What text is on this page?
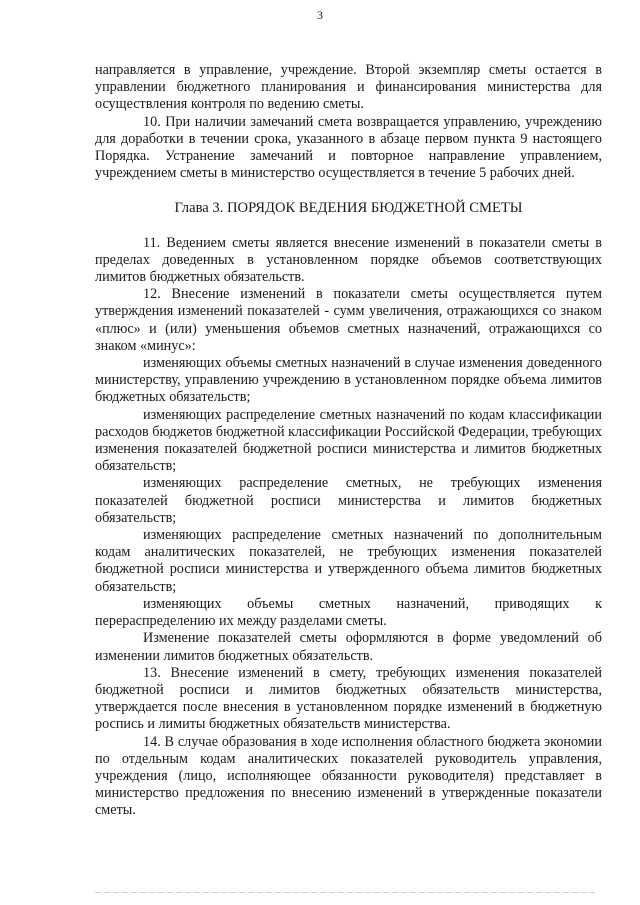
3

направляется в управление, учреждение. Второй экземпляр сметы остается в управлении бюджетного планирования и финансирования министерства для осуществления контроля по ведению сметы.

10. При наличии замечаний смета возвращается управлению, учреждению для доработки в течении срока, указанного в абзаце первом пункта 9 настоящего Порядка. Устранение замечаний и повторное направление управлением, учреждением сметы в министерство осуществляется в течение 5 рабочих дней.

Глава 3. ПОРЯДОК ВЕДЕНИЯ БЮДЖЕТНОЙ СМЕТЫ

11. Ведением сметы является внесение изменений в показатели сметы в пределах доведенных в установленном порядке объемов соответствующих лимитов бюджетных обязательств.

12. Внесение изменений в показатели сметы осуществляется путем утверждения изменений показателей - сумм увеличения, отражающихся со знаком «плюс» и (или) уменьшения объемов сметных назначений, отражающихся со знаком «минус»:

изменяющих объемы сметных назначений в случае изменения доведенного министерству, управлению учреждению в установленном порядке объема лимитов бюджетных обязательств;

изменяющих распределение сметных назначений по кодам классификации расходов бюджетов бюджетной классификации Российской Федерации, требующих изменения показателей бюджетной росписи министерства и лимитов бюджетных обязательств;

изменяющих распределение сметных, не требующих изменения показателей бюджетной росписи министерства и лимитов бюджетных обязательств;

изменяющих распределение сметных назначений по дополнительным кодам аналитических показателей, не требующих изменения показателей бюджетной росписи министерства и утвержденного объема лимитов бюджетных обязательств;

изменяющих объемы сметных назначений, приводящих к перераспределению их между разделами сметы.

Изменение показателей сметы оформляются в форме уведомлений об изменении лимитов бюджетных обязательств.

13. Внесение изменений в смету, требующих изменения показателей бюджетной росписи и лимитов бюджетных обязательств министерства, утверждается после внесения в установленном порядке изменений в бюджетную роспись и лимиты бюджетных обязательств министерства.

14. В случае образования в ходе исполнения областного бюджета экономии по отдельным кодам аналитических показателей руководитель управления, учреждения (лицо, исполняющее обязанности руководителя) представляет в министерство предложения по внесению изменений в утвержденные показатели сметы.
